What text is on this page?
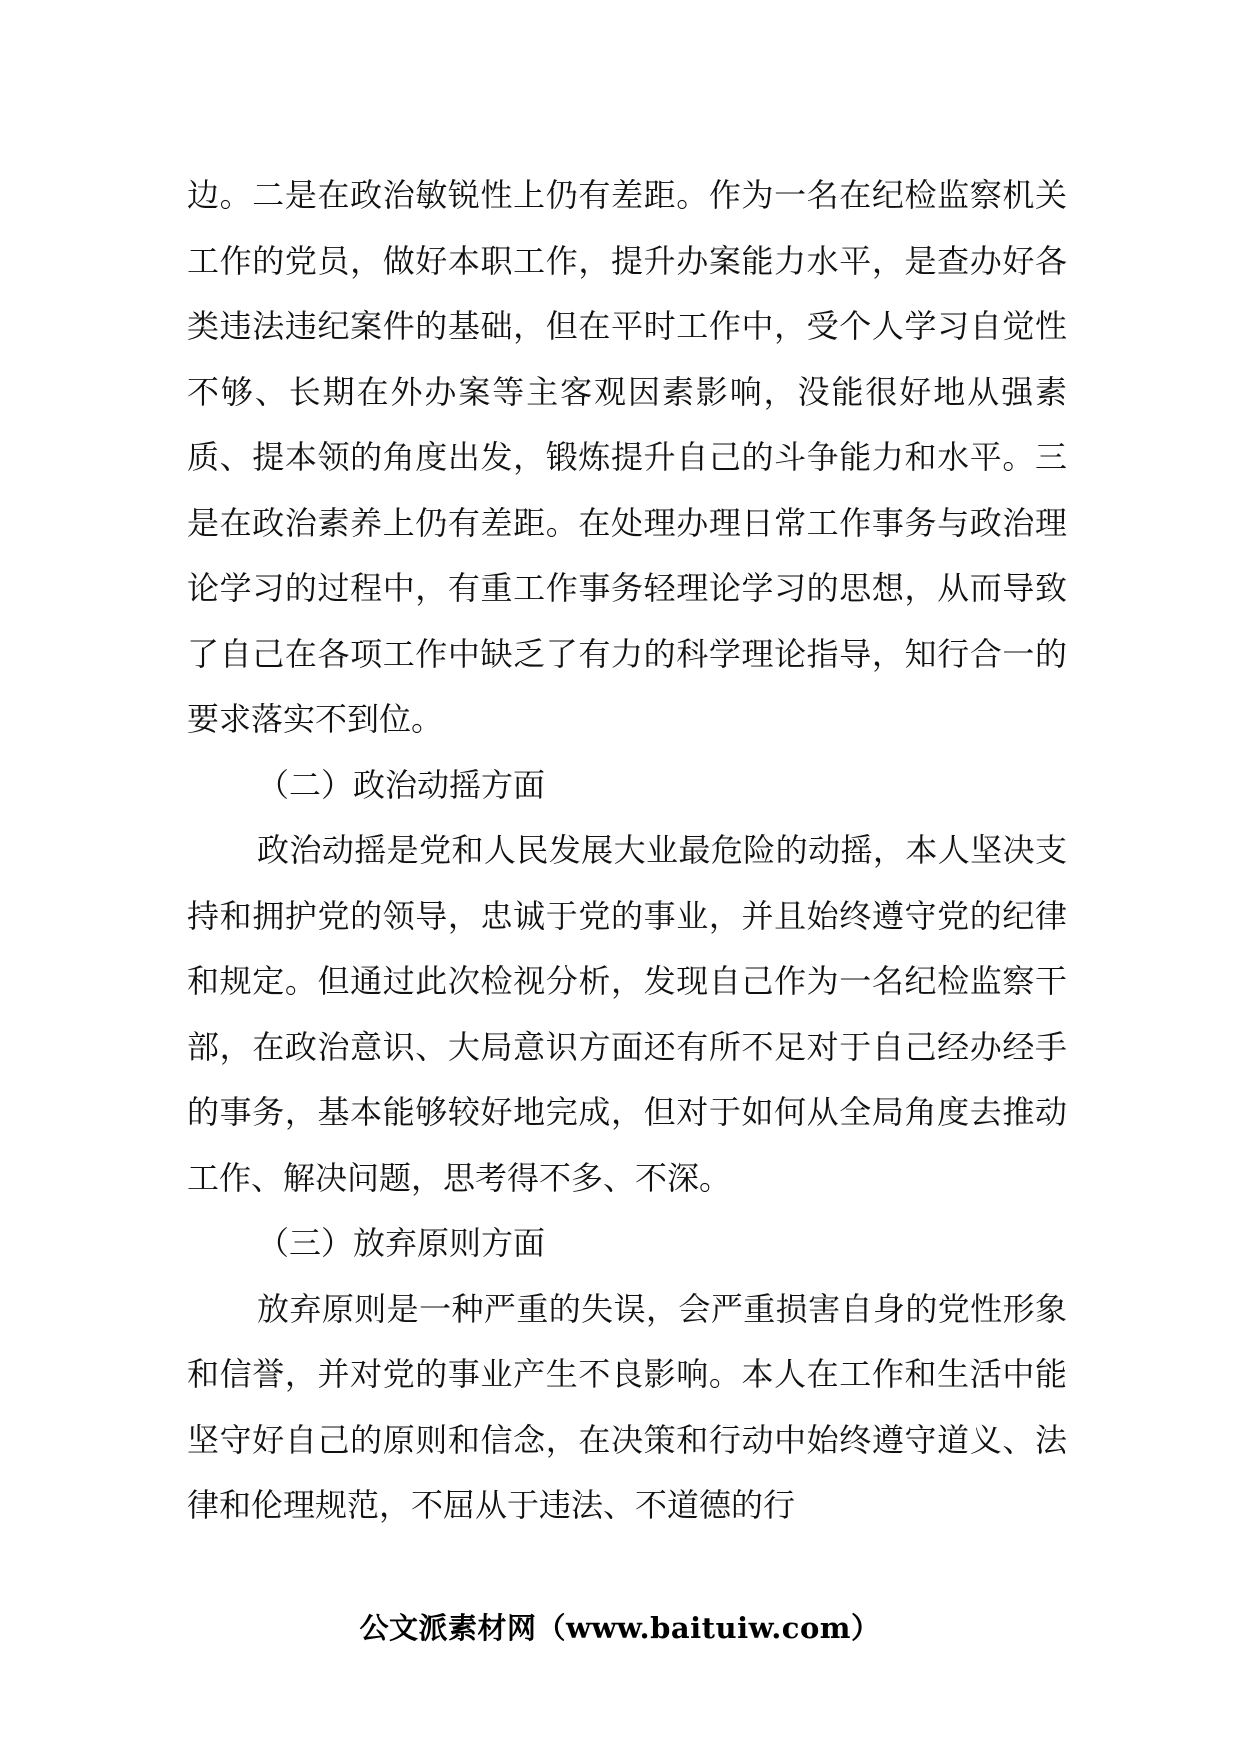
边。二是在政治敏锐性上仍有差距。作为一名在纪检监察机关工作的党员，做好本职工作，提升办案能力水平，是查办好各类违法违纪案件的基础，但在平时工作中，受个人学习自觉性不够、长期在外办案等主客观因素影响，没能很好地从强素质、提本领的角度出发，锻炼提升自己的斗争能力和水平。三是在政治素养上仍有差距。在处理办理日常工作事务与政治理论学习的过程中，有重工作事务轻理论学习的思想，从而导致了自己在各项工作中缺乏了有力的科学理论指导，知行合一的要求落实不到位。

（二）政治动摇方面

政治动摇是党和人民发展大业最危险的动摇，本人坚决支持和拥护党的领导，忠诚于党的事业，并且始终遵守党的纪律和规定。但通过此次检视分析，发现自己作为一名纪检监察干部，在政治意识、大局意识方面还有所不足对于自己经办经手的事务，基本能够较好地完成，但对于如何从全局角度去推动工作、解决问题，思考得不多、不深。

（三）放弃原则方面

放弃原则是一种严重的失误，会严重损害自身的党性形象和信誉，并对党的事业产生不良影响。本人在工作和生活中能坚守好自己的原则和信念，在决策和行动中始终遵守道义、法律和伦理规范，不屈从于违法、不道德的行

公文派素材网（www.baituiw.com）
